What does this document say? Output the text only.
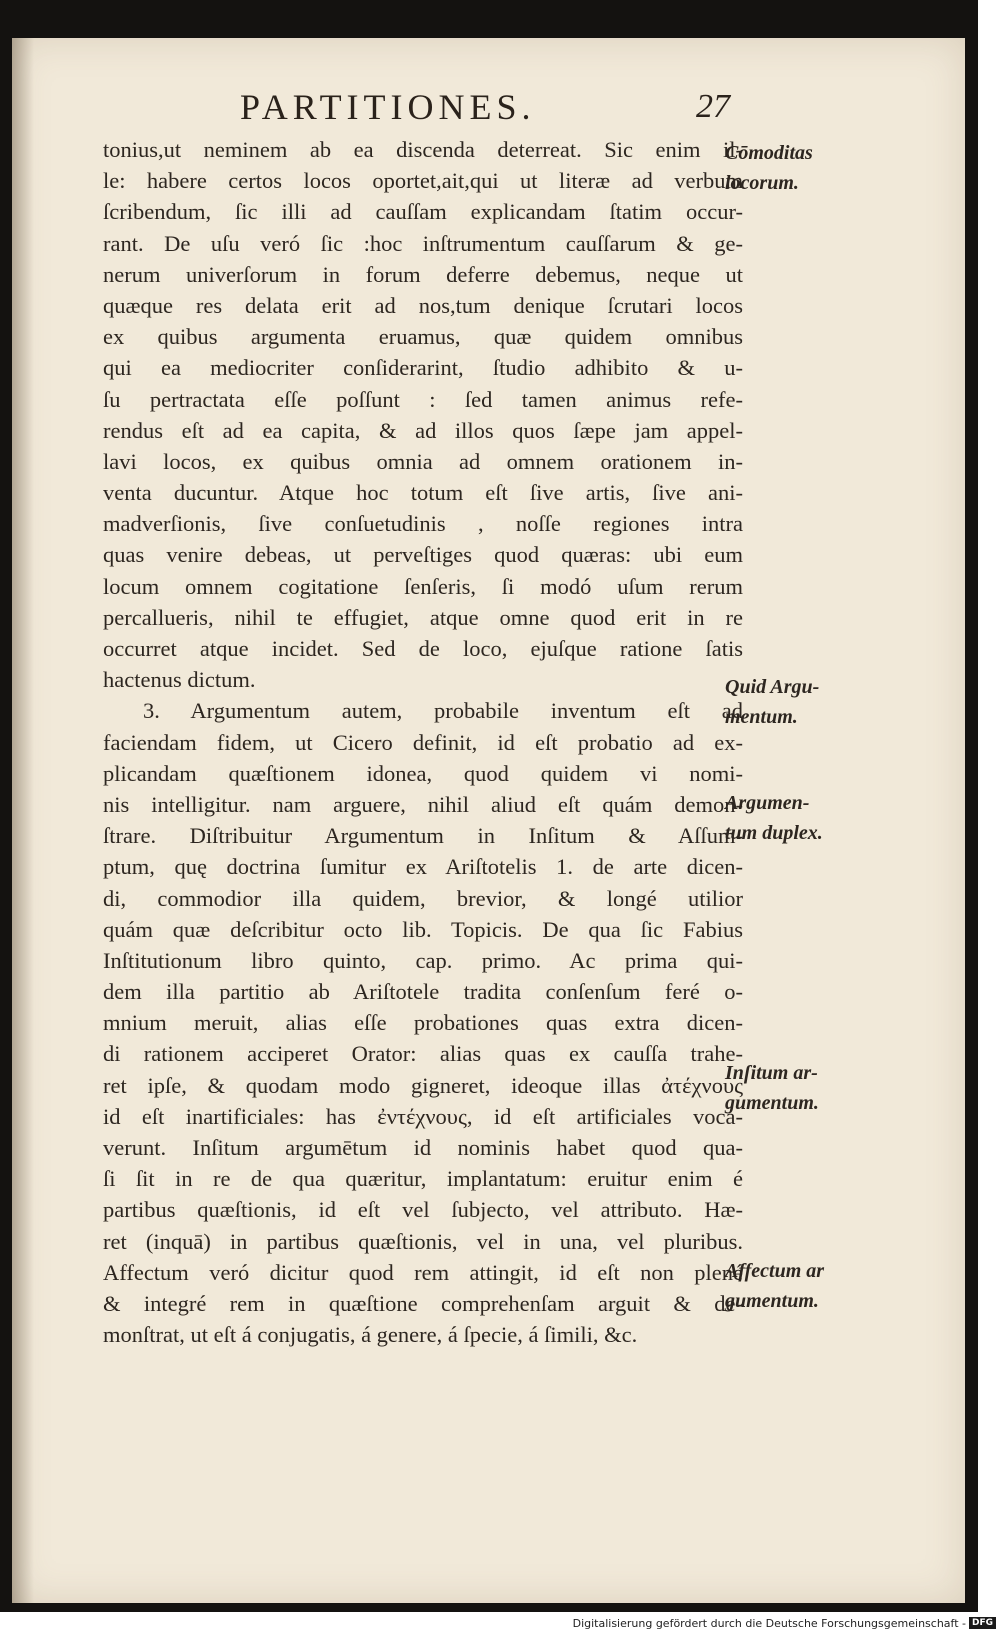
PARTITIONES.	27
tonius,ut neminem ab ea discenda deterreat. Sic enim il-
le: habere certos locos oportet,ait,qui ut literæ ad verbum
ſcribendum, ſic illi ad cauſſam explicandam ſtatim occur-
rant. De uſu veró ſic :hoc inſtrumentum cauſſarum & ge-
nerum univerſorum in forum deferre debemus, neque ut
quæque res delata erit ad nos,tum denique ſcrutari locos
ex quibus argumenta eruamus, quæ quidem omnibus
qui ea mediocriter conſiderarint, ſtudio adhibito & u-
ſu pertractata eſſe poſſunt : ſed tamen animus refe-
rendus eſt ad ea capita, & ad illos quos ſæpe jam appel-
lavi locos, ex quibus omnia ad omnem orationem in-
venta ducuntur. Atque hoc totum eſt ſive artis, ſive ani-
madverſionis, ſive conſuetudinis , noſſe regiones intra
quas venire debeas, ut perveſtiges quod quæras: ubi eum
locum omnem cogitatione ſenſeris, ſi modó uſum rerum
percallueris, nihil te effugiet, atque omne quod erit in re
occurret atque incidet. Sed de loco, ejuſque ratione ſatis
hactenus dictum.
3. Argumentum autem, probabile inventum eſt ad
faciendam fidem, ut Cicero definit, id eſt probatio ad ex-
plicandam quæſtionem idonea, quod quidem vi nomi-
nis intelligitur. nam arguere, nihil aliud eſt quám demon-
ſtrare. Diſtribuitur Argumentum in Inſitum & Aſſum-
ptum, quę doctrina ſumitur ex Ariſtotelis 1. de arte dicen-
di, commodior illa quidem, brevior, & longé utilior
quám quæ deſcribitur octo lib. Topicis. De qua ſic Fabius
Inſtitutionum libro quinto, cap. primo. Ac prima qui-
dem illa partitio ab Ariſtotele tradita conſenſum feré o-
mnium meruit, alias eſſe probationes quas extra dicen-
di rationem acciperet Orator: alias quas ex cauſſa trahe-
ret ipſe, & quodam modo gigneret, ideoque illas ἀτέχνους
id eſt inartificiales: has ἐντέχνους, id eſt artificiales voca-
verunt. Inſitum argumētum id nominis habet quod qua-
ſi ſit in re de qua quæritur, implantatum: eruitur enim é
partibus quæſtionis, id eſt vel ſubjecto, vel attributo. Hæ-
ret (inquā) in partibus quæſtionis, vel in una, vel pluribus.
Affectum veró dicitur quod rem attingit, id eſt non plené
& integré rem in quæſtione comprehenſam arguit & de-
monſtrat, ut eſt á conjugatis, á genere, á ſpecie, á ſimili, &c.
Cōmoditas
locorum.
Quid Argu-
mentum.
Argumen-
tum duplex.
Inſitum ar-
gumentum.
Affectum ar
gumentum.
Digitalisierung gefördert durch die Deutsche Forschungsgemeinschaft - DFG
